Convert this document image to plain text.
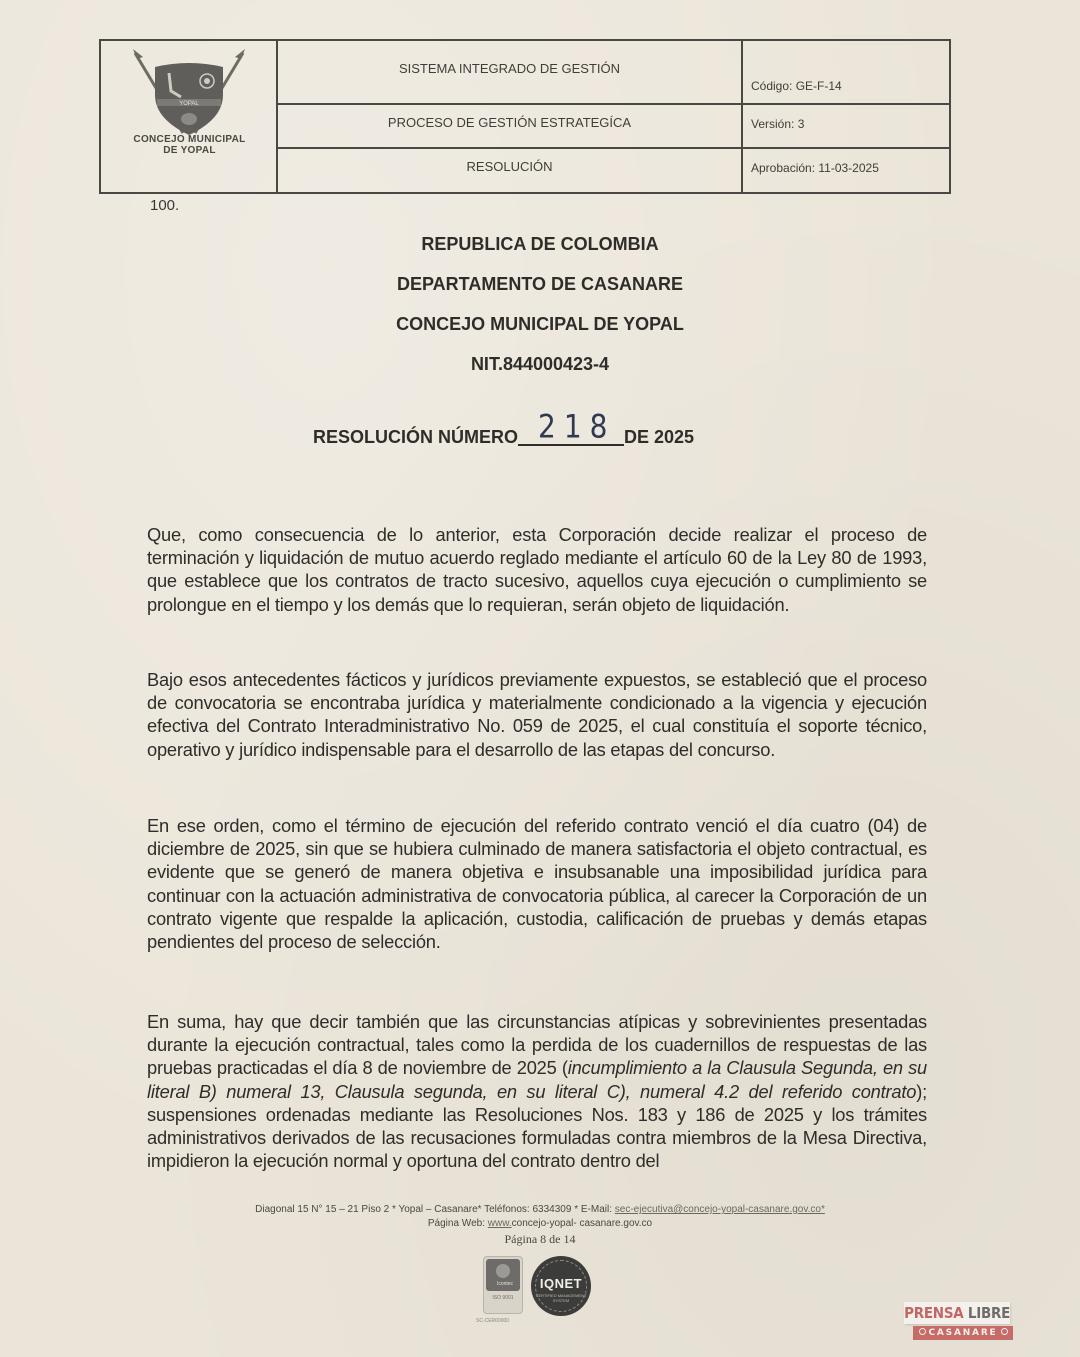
YOPAL
CONCEJO MUNICIPAL
DE YOPAL
SISTEMA INTEGRADO DE GESTIÓN
PROCESO DE GESTIÓN ESTRATEGÍCA
RESOLUCIÓN
Código: GE-F-14
Versión: 3
Aprobación: 11-03-2025
100.
REPUBLICA DE COLOMBIA
DEPARTAMENTO DE CASANARE
CONCEJO MUNICIPAL DE YOPAL
NIT.844000423-4
RESOLUCIÓN NÚMERO 218 DE 2025
Que, como consecuencia de lo anterior, esta Corporación decide realizar el proceso de terminación y liquidación de mutuo acuerdo reglado mediante el artículo 60 de la Ley 80 de 1993, que establece que los contratos de tracto sucesivo, aquellos cuya ejecución o cumplimiento se prolongue en el tiempo y los demás que lo requieran, serán objeto de liquidación.
Bajo esos antecedentes fácticos y jurídicos previamente expuestos, se estableció que el proceso de convocatoria se encontraba jurídica y materialmente condicionado a la vigencia y ejecución efectiva del Contrato Interadministrativo No. 059 de 2025, el cual constituía el soporte técnico, operativo y jurídico indispensable para el desarrollo de las etapas del concurso.
En ese orden, como el término de ejecución del referido contrato venció el día cuatro (04) de diciembre de 2025, sin que se hubiera culminado de manera satisfactoria el objeto contractual, es evidente que se generó de manera objetiva e insubsanable una imposibilidad jurídica para continuar con la actuación administrativa de convocatoria pública, al carecer la Corporación de un contrato vigente que respalde la aplicación, custodia, calificación de pruebas y demás etapas pendientes del proceso de selección.
En suma, hay que decir también que las circunstancias atípicas y sobrevinientes presentadas durante la ejecución contractual, tales como la perdida de los cuadernillos de respuestas de las pruebas practicadas el día 8 de noviembre de 2025 (incumplimiento a la Clausula Segunda, en su literal B) numeral 13, Clausula segunda, en su literal C), numeral 4.2 del referido contrato); suspensiones ordenadas mediante las Resoluciones Nos. 183 y 186 de 2025 y los trámites administrativos derivados de las recusaciones formuladas contra miembros de la Mesa Directiva, impidieron la ejecución normal y oportuna del contrato dentro del
Diagonal 15 N° 15 – 21 Piso 2 * Yopal – Casanare* Teléfonos: 6334309 * E-Mail: sec-ejecutiva@concejo-yopal-casanare.gov.co*
Página Web: www.concejo-yopal- casanare.gov.co
Página 8 de 14
Icontec
ISO 9001
SC-CER00000
IQNET
CERTIFIED MANAGEMENT SYSTEM
PRENSA LIBRE
CASANARE
